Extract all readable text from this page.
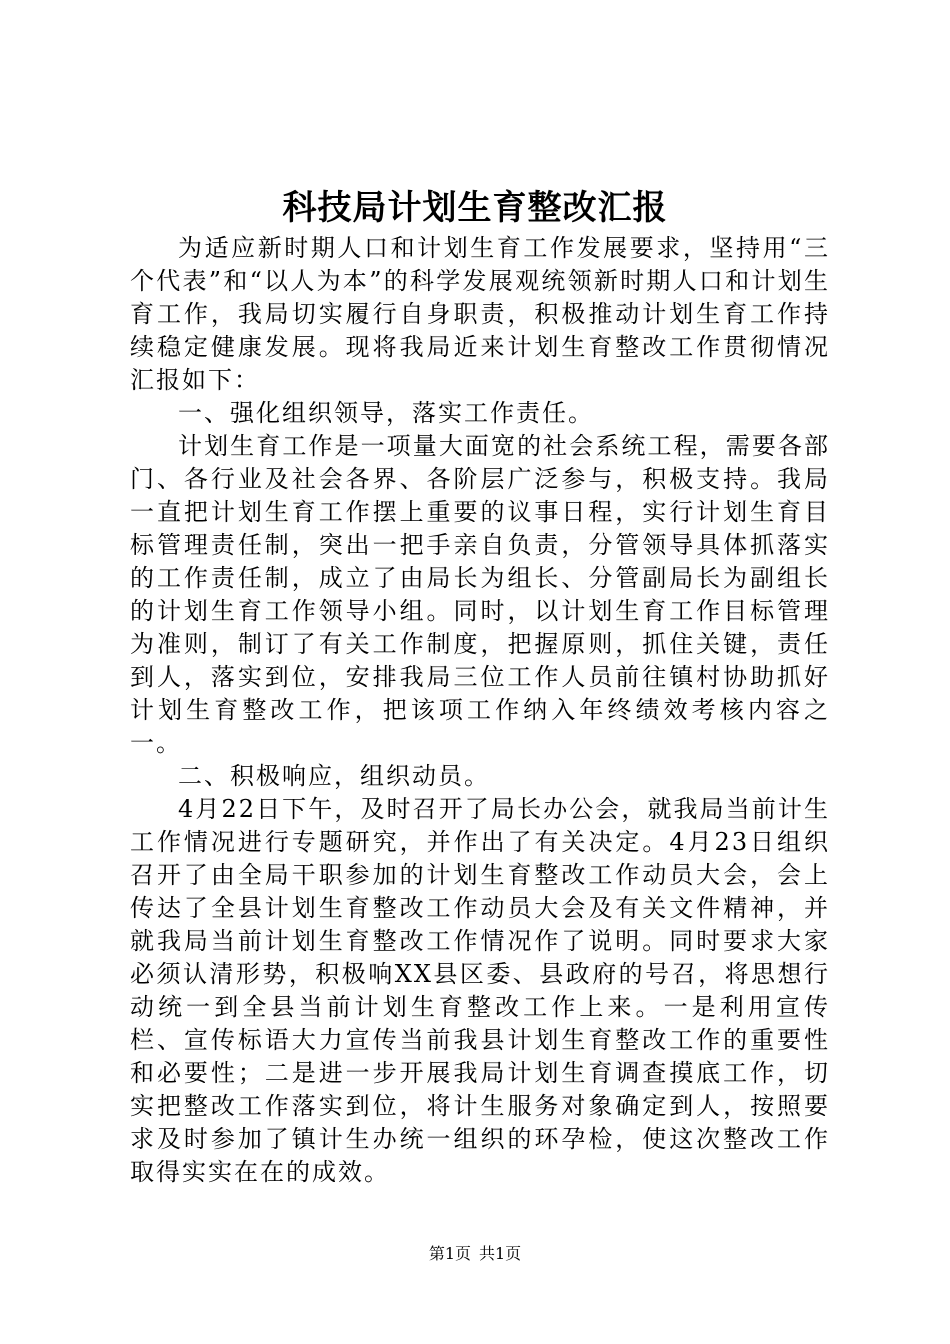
科技局计划生育整改汇报

为适应新时期人口和计划生育工作发展要求，坚持用“三个代表”和“以人为本”的科学发展观统领新时期人口和计划生育工作，我局切实履行自身职责，积极推动计划生育工作持续稳定健康发展。现将我局近来计划生育整改工作贯彻情况汇报如下：

一、强化组织领导，落实工作责任。

计划生育工作是一项量大面宽的社会系统工程，需要各部门、各行业及社会各界、各阶层广泛参与，积极支持。我局一直把计划生育工作摆上重要的议事日程，实行计划生育目标管理责任制，突出一把手亲自负责，分管领导具体抓落实的工作责任制，成立了由局长为组长、分管副局长为副组长的计划生育工作领导小组。同时，以计划生育工作目标管理为准则，制订了有关工作制度，把握原则，抓住关键，责任到人，落实到位，安排我局三位工作人员前往镇村协助抓好计划生育整改工作，把该项工作纳入年终绩效考核内容之一。

二、积极响应，组织动员。

4月22日下午，及时召开了局长办公会，就我局当前计生工作情况进行专题研究，并作出了有关决定。4月23日组织召开了由全局干职参加的计划生育整改工作动员大会，会上传达了全县计划生育整改工作动员大会及有关文件精神，并就我局当前计划生育整改工作情况作了说明。同时要求大家必须认清形势，积极响XX县区委、县政府的号召，将思想行动统一到全县当前计划生育整改工作上来。一是利用宣传栏、宣传标语大力宣传当前我县计划生育整改工作的重要性和必要性；二是进一步开展我局计划生育调查摸底工作，切实把整改工作落实到位，将计生服务对象确定到人，按照要求及时参加了镇计生办统一组织的环孕检，使这次整改工作取得实实在在的成效。

第1页 共1页
